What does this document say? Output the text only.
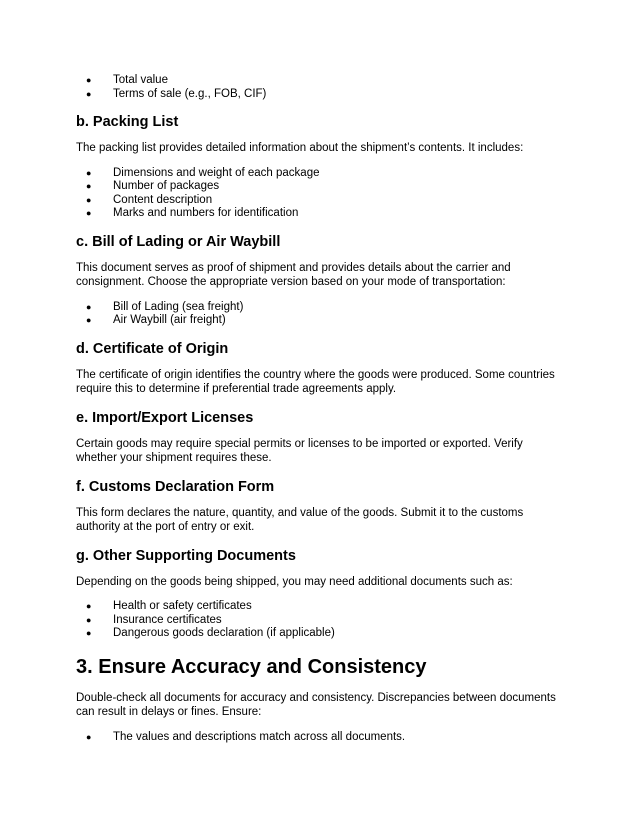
● Total value
● Terms of sale (e.g., FOB, CIF)
b. Packing List

The packing list provides detailed information about the shipment’s contents. It includes:

● Dimensions and weight of each package
● Number of packages
● Content description
● Marks and numbers for identification
c. Bill of Lading or Air Waybill

This document serves as proof of shipment and provides details about the carrier and consignment. Choose the appropriate version based on your mode of transportation:

● Bill of Lading (sea freight)
● Air Waybill (air freight)
d. Certificate of Origin

The certificate of origin identifies the country where the goods were produced. Some countries require this to determine if preferential trade agreements apply.

e. Import/Export Licenses

Certain goods may require special permits or licenses to be imported or exported. Verify whether your shipment requires these.

f. Customs Declaration Form

This form declares the nature, quantity, and value of the goods. Submit it to the customs authority at the port of entry or exit.

g. Other Supporting Documents

Depending on the goods being shipped, you may need additional documents such as:

● Health or safety certificates
● Insurance certificates
● Dangerous goods declaration (if applicable)
3. Ensure Accuracy and Consistency

Double-check all documents for accuracy and consistency. Discrepancies between documents can result in delays or fines. Ensure:

● The values and descriptions match across all documents.
